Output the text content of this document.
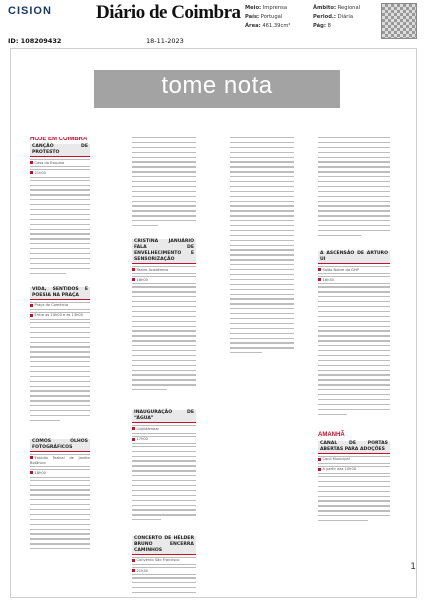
CISION Diário de Coimbra Meio: Imprensa
País: Portugal
Área: 461,39cm²
Âmbito: Regional
Period.: Diária
Pág: 8
ID: 108209432	18-11-2023
tome nota
HOJE EM COIMBRA
CANÇÃO DE PROTESTO
Casa da Esquina
21h00
VIDA, SENTIDOS E POESIA NA PRAÇA
Praça do Comércio
Entre as 10h00 e as 13h00
COMOS OLHOS FOTOGRÁFICOS
Estúdio Teatral de Jardim Botânico
18h00
CRISTINA JANUÁRIO FALA DE ENVELHECIMENTO E SENSORIZAÇÃO
Teatro Académico
18h00
INAUGURAÇÃO DE “ÁGUA”
Liquidâmbar
17h00
CONCERTO DE HÉLDER BRUNO ENCERRA CAMINHOS
Convento São Francisco
21h30
A ASCENSÃO DE ARTURO UI
Salão Nobre do GHP
16h30
AMANHÃ
CANAL DE PORTAS ABERTAS PARA ADOÇÕES
Canil Municipal
A partir das 10h00
1
